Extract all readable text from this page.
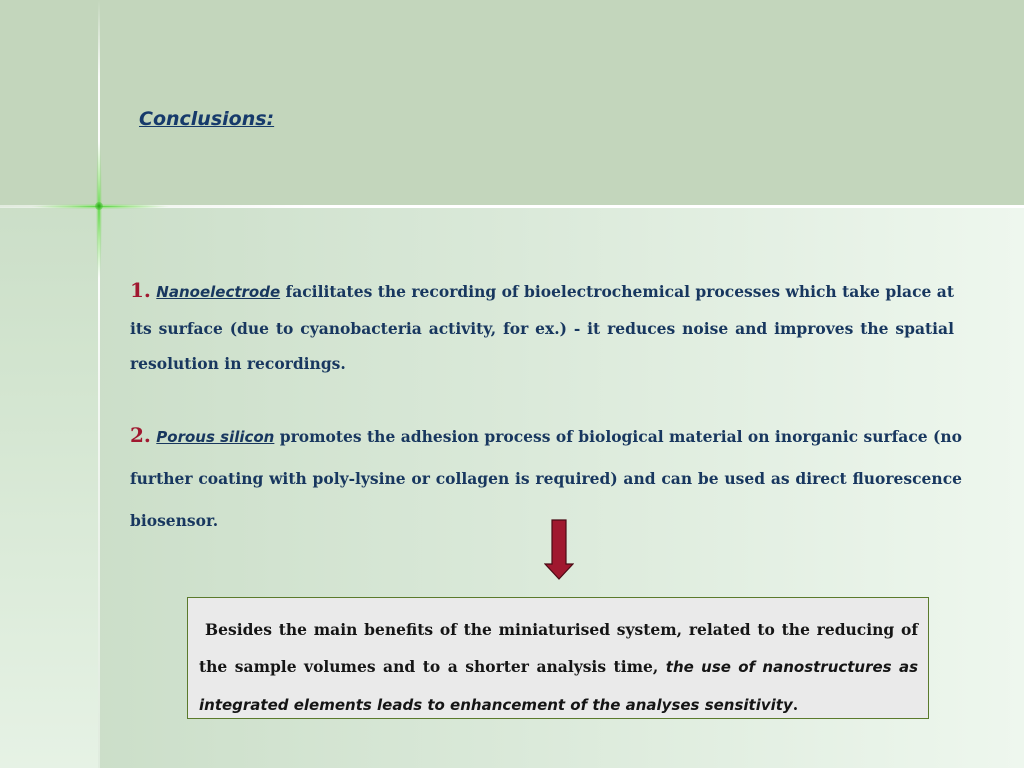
Conclusions:

1. Nanoelectrode facilitates the recording of bioelectrochemical processes which take place at its surface (due to cyanobacteria activity, for ex.) - it reduces noise and improves the spatial resolution in recordings.

2. Porous silicon promotes the adhesion process of biological material on inorganic surface (no further coating with poly-lysine or collagen is required) and can be used as direct fluorescence biosensor.

Besides the main benefits of the miniaturised system, related to the reducing of the sample volumes and to a shorter analysis time, the use of nanostructures as integrated elements leads to enhancement of the analyses sensitivity.
